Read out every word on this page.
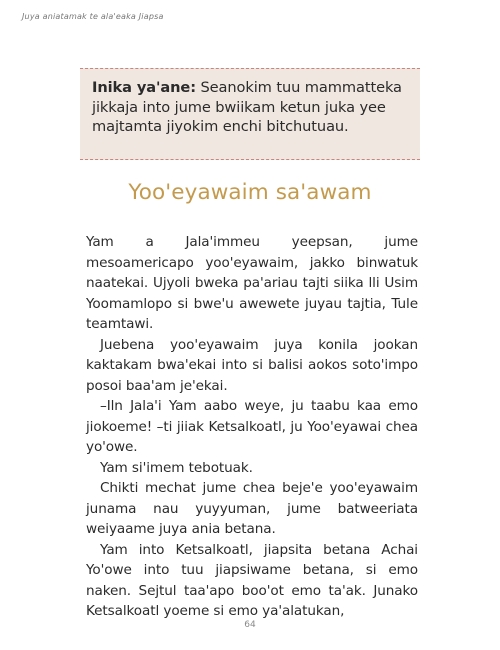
Juya aniatamak te ala'eaka Jiapsa
Inika ya'ane: Seanokim tuu mammatteka jikkaja into jume bwiikam ketun juka yee maјtamta јiyokim enchi bitchutuau.
Yoo'eyawaim sa'awam

Yam a Jala'immeu yeepsan, jume mesoamericapo yoo'eyawaim, jakko binwatuk naatekai. Ujyoli bweka pa'ariau tajti siika lli Usim Yoomamlopo si bwe'u awewete juyau tajtia, Tule teamtawi.

Juebena yoo'eyawaim juya konila jookan kaktakam bwa'ekai into si balisi aokos soto'impo posoi baa'am je'ekai.

–Iln Jala'i Yam aabo weye, ju taabu kaa emo jiokoeme! –ti jiiak Ketsalkoatl, ju Yoo'eyawai chea yo'owe.

Yam si'imem tebotuak.

Chikti mechat jume chea beje'e yoo'eyawaim junama nau yuyyuman, jume batweeriata weiyaame juya ania betana.

Yam into Ketsalkoatl, jiapsita betana Achai Yo'owe into tuu jiapsiwame betana, si emo naken. Sejtul taa'apo boo'ot emo ta'ak. Junako Ketsalkoatl yoeme si emo ya'alatukan,

64
